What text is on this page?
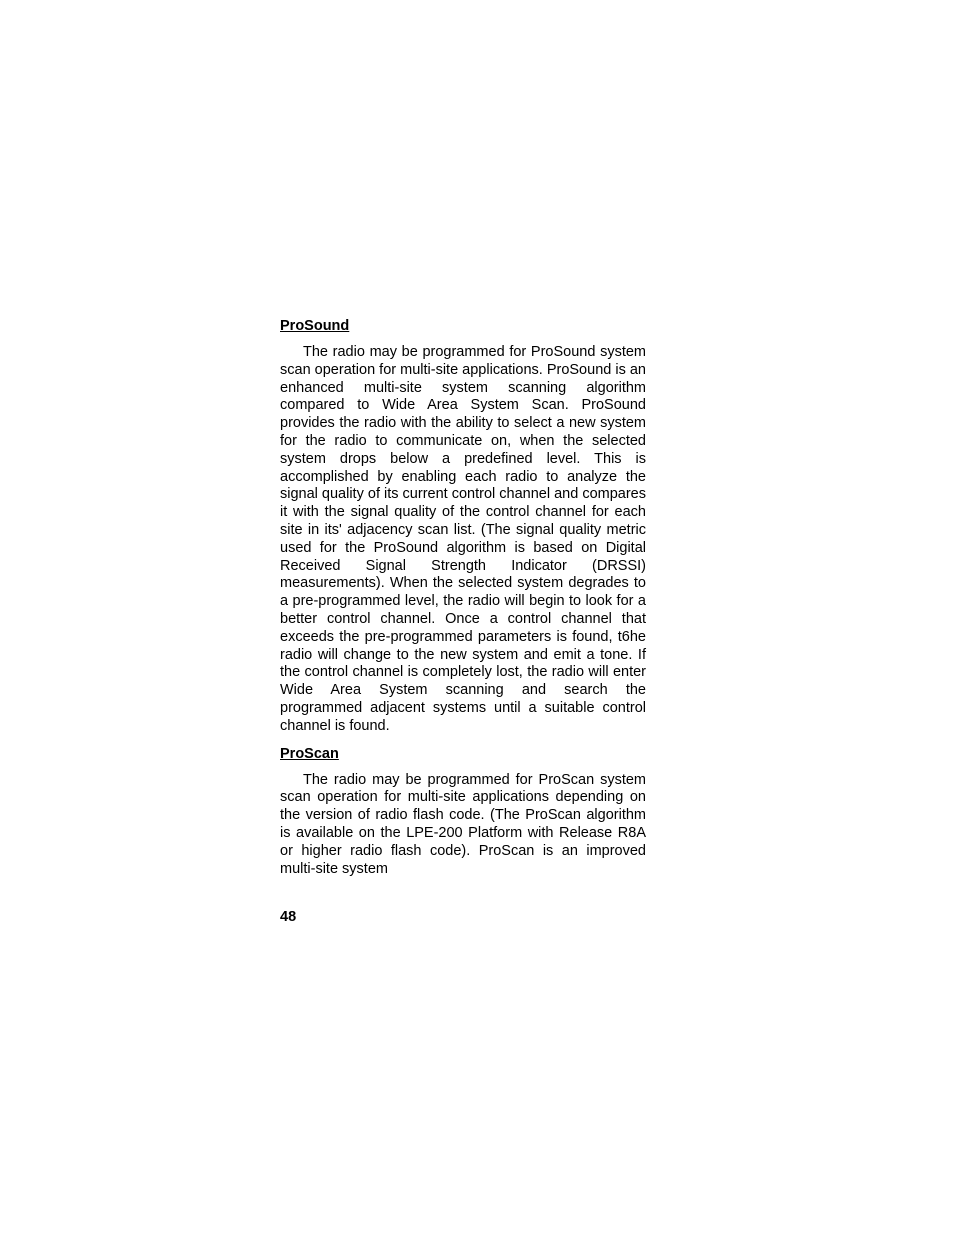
ProSound

The radio may be programmed for ProSound system scan operation for multi-site applications. ProSound is an enhanced multi-site system scanning algorithm compared to Wide Area System Scan. ProSound provides the radio with the ability to select a new system for the radio to communicate on, when the selected system drops below a predefined level. This is accomplished by enabling each radio to analyze the signal quality of its current control channel and compares it with the signal quality of the control channel for each site in its' adjacency scan list. (The signal quality metric used for the ProSound algorithm is based on Digital Received Signal Strength Indicator (DRSSI) measurements). When the selected system degrades to a pre-programmed level, the radio will begin to look for a better control channel. Once a control channel that exceeds the pre-programmed parameters is found, t6he radio will change to the new system and emit a tone. If the control channel is completely lost, the radio will enter Wide Area System scanning and search the programmed adjacent systems until a suitable control channel is found.

ProScan

The radio may be programmed for ProScan system scan operation for multi-site applications depending on the version of radio flash code. (The ProScan algorithm is available on the LPE-200 Platform with Release R8A or higher radio flash code). ProScan is an improved multi-site system

48
